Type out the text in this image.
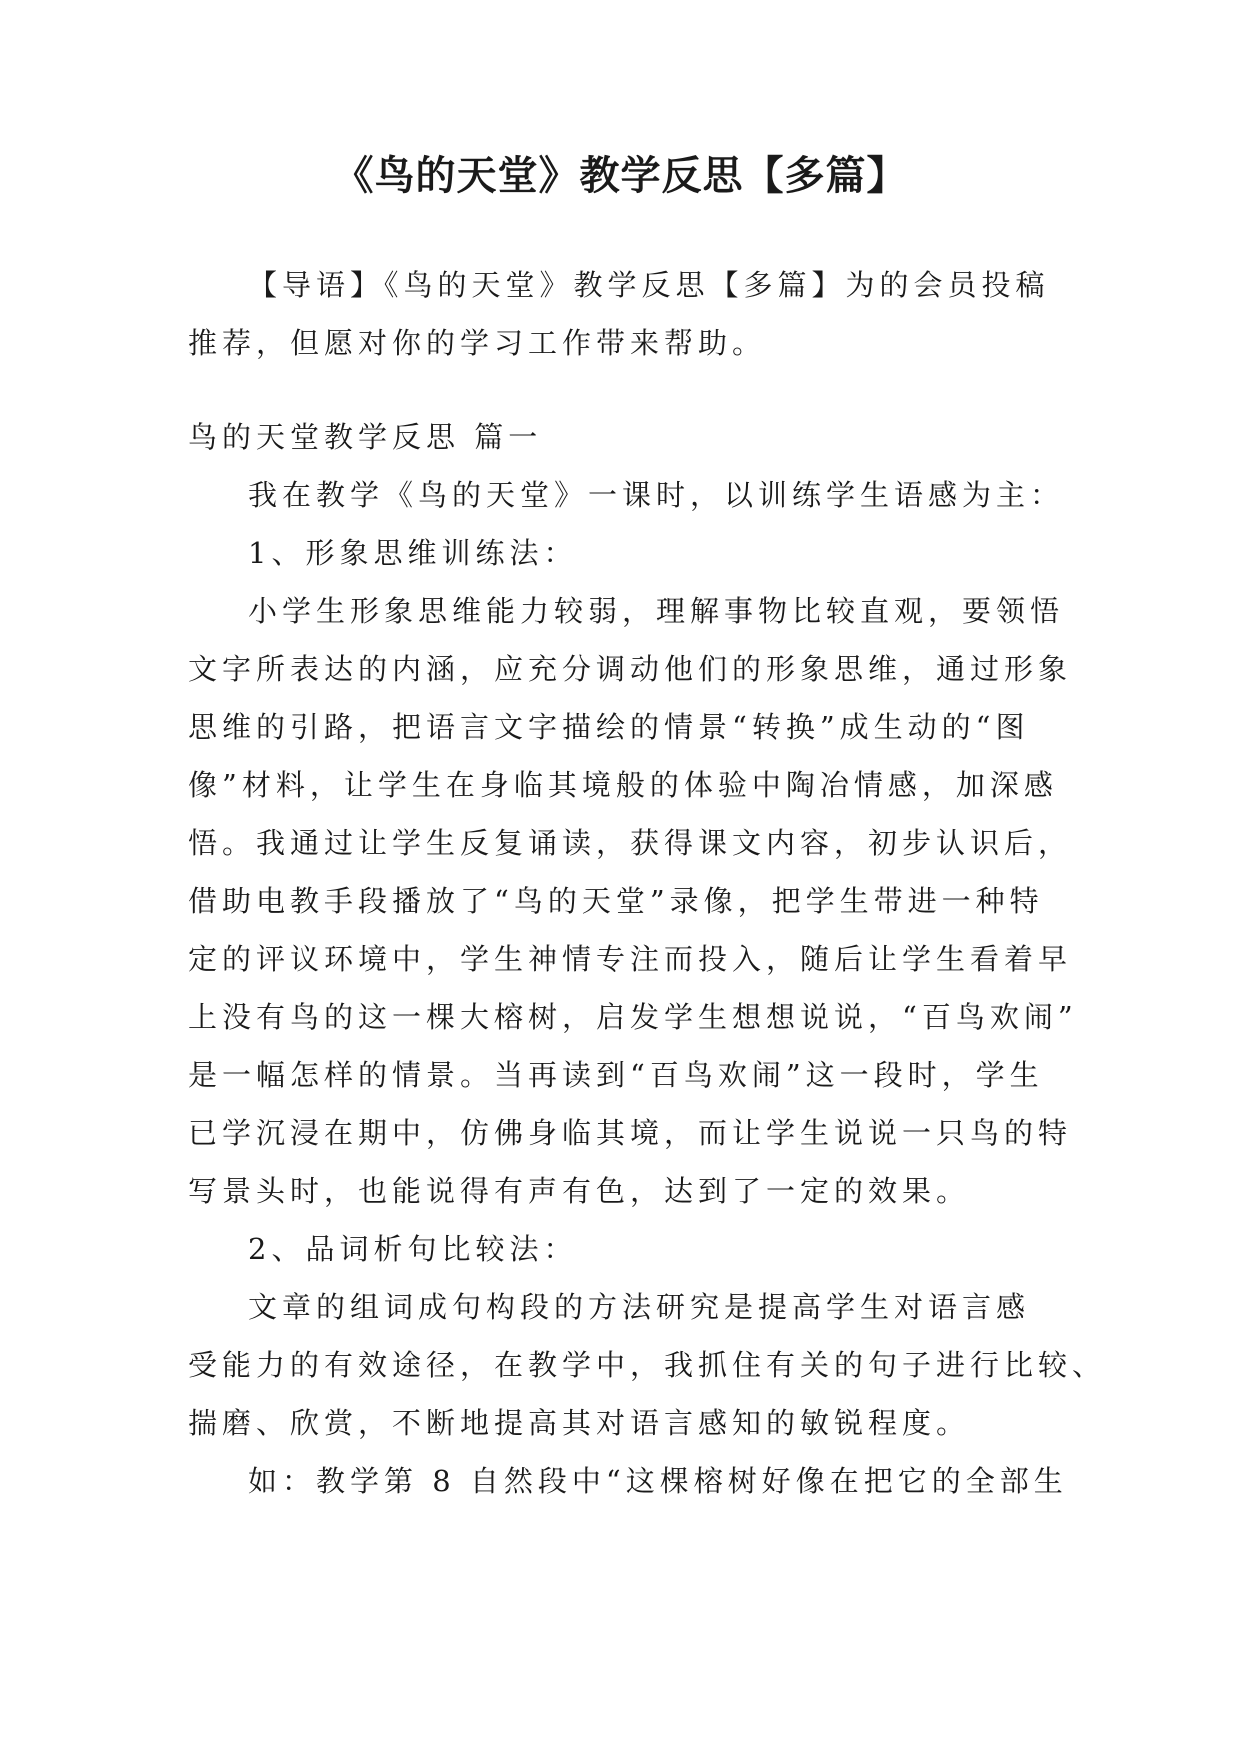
《鸟的天堂》教学反思【多篇】
【导语】《鸟的天堂》教学反思【多篇】为的会员投稿
推荐，但愿对你的学习工作带来帮助。
鸟的天堂教学反思 篇一
我在教学《鸟的天堂》一课时，以训练学生语感为主：
1、形象思维训练法：
小学生形象思维能力较弱，理解事物比较直观，要领悟
文字所表达的内涵，应充分调动他们的形象思维，通过形象
思维的引路，把语言文字描绘的情景“转换”成生动的“图
像”材料，让学生在身临其境般的体验中陶冶情感，加深感
悟。我通过让学生反复诵读，获得课文内容，初步认识后，
借助电教手段播放了“鸟的天堂”录像，把学生带进一种特
定的评议环境中，学生神情专注而投入，随后让学生看着早
上没有鸟的这一棵大榕树，启发学生想想说说，“百鸟欢闹”
是一幅怎样的情景。当再读到“百鸟欢闹”这一段时，学生
已学沉浸在期中，仿佛身临其境，而让学生说说一只鸟的特
写景头时，也能说得有声有色，达到了一定的效果。
2、品词析句比较法：
文章的组词成句构段的方法研究是提高学生对语言感
受能力的有效途径，在教学中，我抓住有关的句子进行比较、
揣磨、欣赏，不断地提高其对语言感知的敏锐程度。
如：教学第 8 自然段中“这棵榕树好像在把它的全部生
